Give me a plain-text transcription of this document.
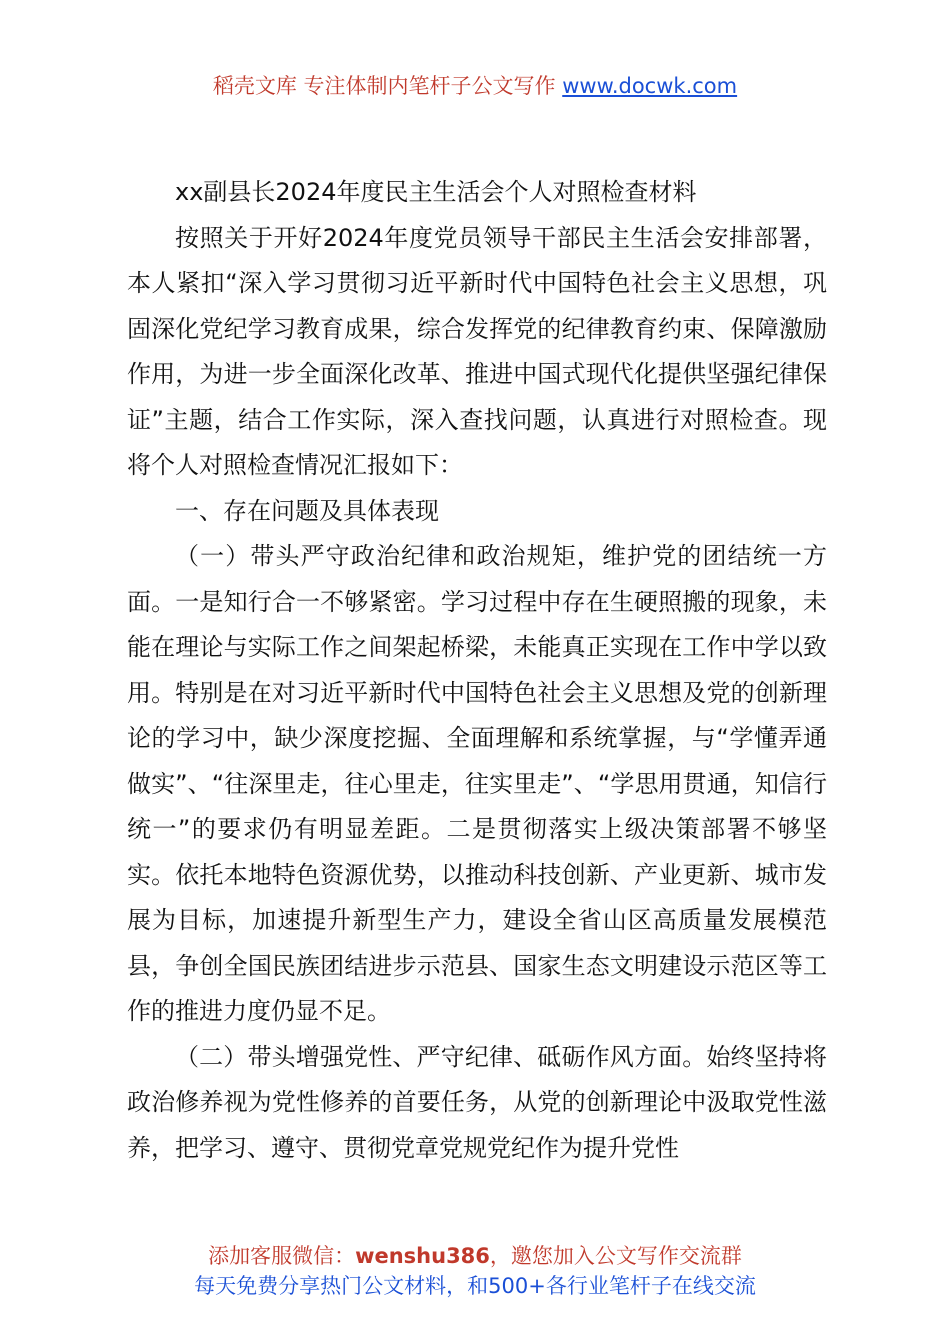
稻壳文库 专注体制内笔杆子公文写作 www.docwk.com

xx副县长2024年度民主生活会个人对照检查材料

按照关于开好2024年度党员领导干部民主生活会安排部署，本人紧扣“深入学习贯彻习近平新时代中国特色社会主义思想，巩固深化党纪学习教育成果，综合发挥党的纪律教育约束、保障激励作用，为进一步全面深化改革、推进中国式现代化提供坚强纪律保证”主题，结合工作实际，深入查找问题，认真进行对照检查。现将个人对照检查情况汇报如下：

一、存在问题及具体表现

（一）带头严守政治纪律和政治规矩，维护党的团结统一方面。一是知行合一不够紧密。学习过程中存在生硬照搬的现象，未能在理论与实际工作之间架起桥梁，未能真正实现在工作中学以致用。特别是在对习近平新时代中国特色社会主义思想及党的创新理论的学习中，缺少深度挖掘、全面理解和系统掌握，与“学懂弄通做实”、“往深里走，往心里走，往实里走”、“学思用贯通，知信行统一”的要求仍有明显差距。二是贯彻落实上级决策部署不够坚实。依托本地特色资源优势，以推动科技创新、产业更新、城市发展为目标，加速提升新型生产力，建设全省山区高质量发展模范县，争创全国民族团结进步示范县、国家生态文明建设示范区等工作的推进力度仍显不足。

（二）带头增强党性、严守纪律、砥砺作风方面。始终坚持将政治修养视为党性修养的首要任务，从党的创新理论中汲取党性滋养，把学习、遵守、贯彻党章党规党纪作为提升党性

添加客服微信：wenshu386，邀您加入公文写作交流群
每天免费分享热门公文材料，和500+各行业笔杆子在线交流
